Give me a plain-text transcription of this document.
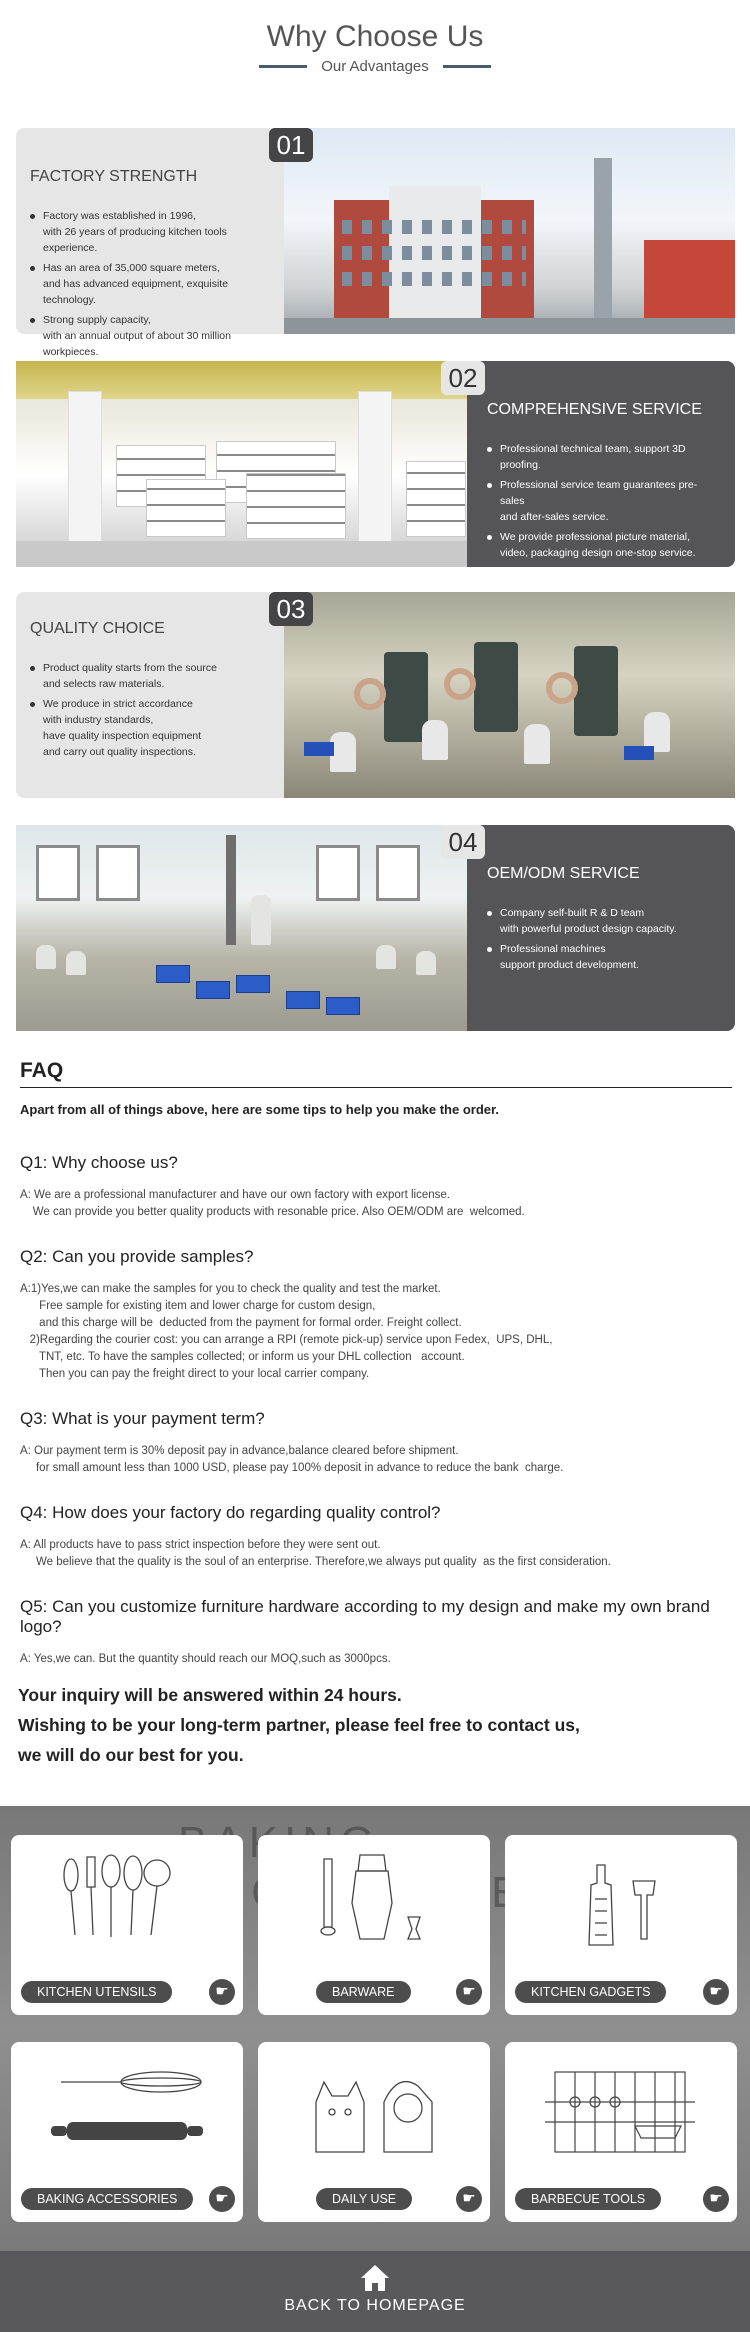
Why Choose Us
Our Advantages
01
FACTORY STRENGTH
Factory was established in 1996,
with 26 years of producing kitchen tools experience.
Has an area of 35,000 square meters,
and has advanced equipment, exquisite technology.
Strong supply capacity,
with an annual output of about 30 million workpieces.
02
COMPREHENSIVE SERVICE
Professional technical team, support 3D proofing.
Professional service team guarantees pre-sales
and after-sales service.
We provide professional picture material,
video, packaging design one-stop service.
03
QUALITY CHOICE
Product quality starts from the source
and selects raw materials.
We produce in strict accordance
with industry standards,
have quality inspection equipment
and carry out quality inspections.
04
OEM/ODM SERVICE
Company self-built R & D team
with powerful product design capacity.
Professional machines
support product development.
FAQ
Apart from all of things above, here are some tips to help you make the order.
Q1: Why choose us?
A: We are a professional manufacturer and have our own factory with export license.
We can provide you better quality products with resonable price. Also OEM/ODM are  welcomed.
Q2: Can you provide samples?
A:1)Yes,we can make the samples for you to check the quality and test the market.
Free sample for existing item and lower charge for custom design,
and this charge will be  deducted from the payment for formal order. Freight collect.
2)Regarding the courier cost: you can arrange a RPI (remote pick-up) service upon Fedex,  UPS, DHL,
TNT, etc. To have the samples collected; or inform us your DHL collection   account.
Then you can pay the freight direct to your local carrier company.
Q3: What is your payment term?
A: Our payment term is 30% deposit pay in advance,balance cleared before shipment.
for small amount less than 1000 USD, please pay 100% deposit in advance to reduce the bank  charge.
Q4: How does your factory do regarding quality control?
A: All products have to pass strict inspection before they were sent out.
We believe that the quality is the soul of an enterprise. Therefore,we always put quality  as the first consideration.
Q5: Can you customize furniture hardware according to my design and make my own brand logo?
A: Yes,we can. But the quantity should reach our MOQ,such as 3000pcs.
Your inquiry will be answered within 24 hours.
Wishing to be your long-term partner, please feel free to contact us,
we will do our best for you.
KITCHEN UTENSILS	☛	BARWARE	☛	KITCHEN GADGETS	☛
BAKING ACCESSORIES	☛	DAILY USE	☛	BARBECUE TOOLS	☛
BACK TO HOMEPAGE
